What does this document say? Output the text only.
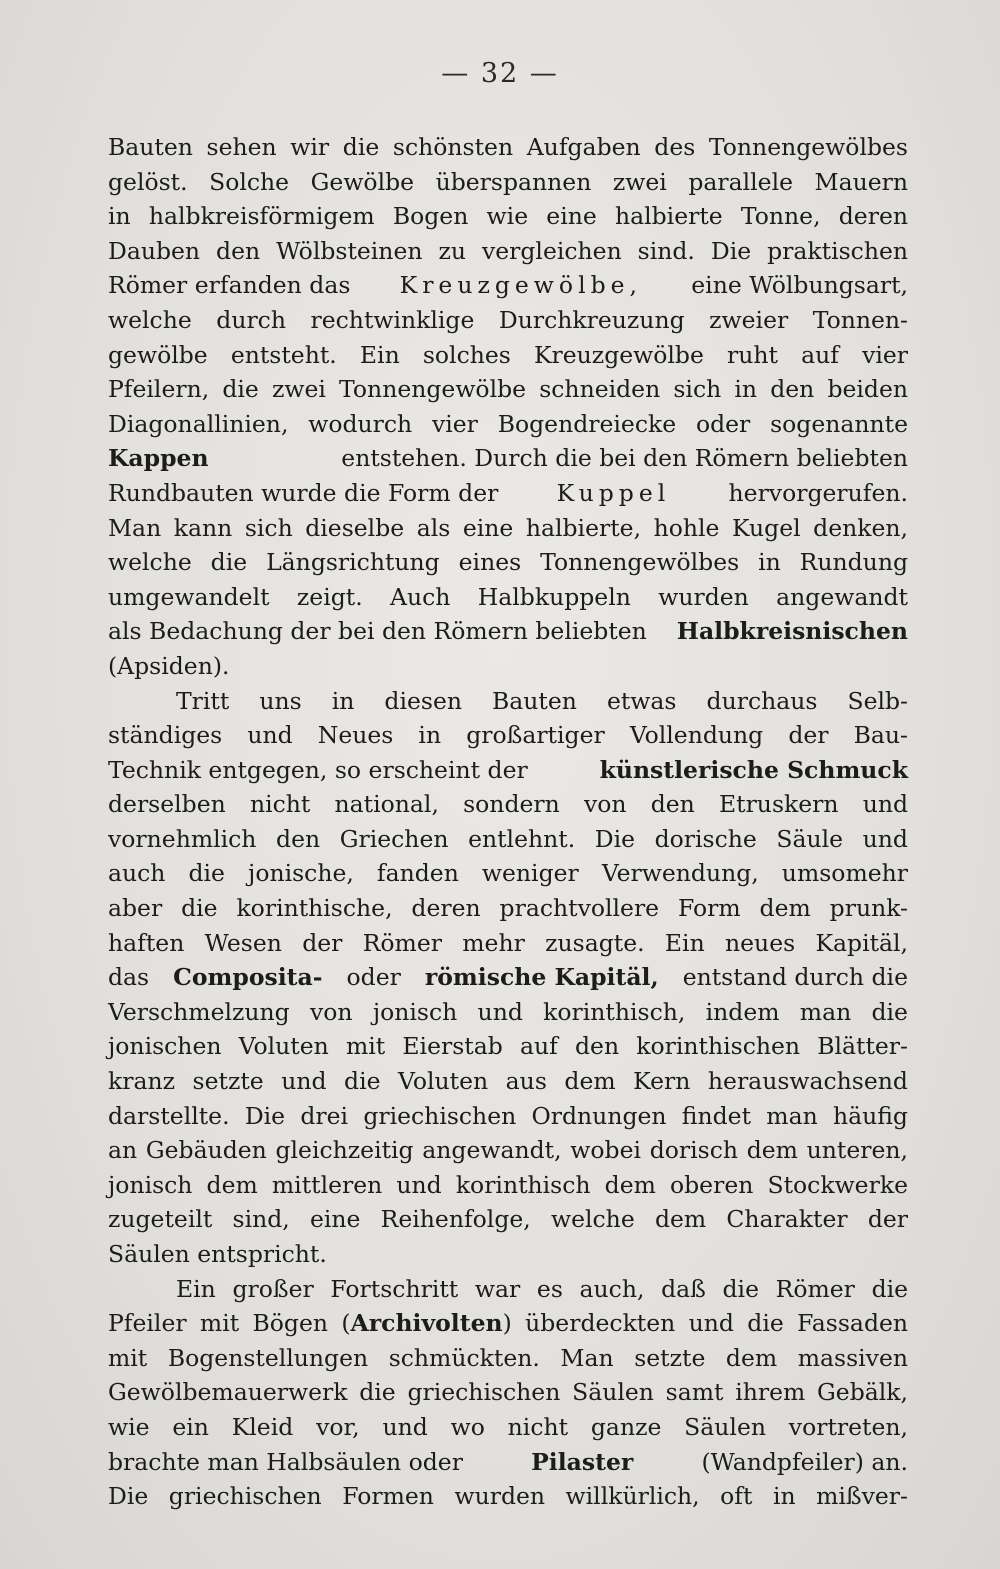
— 32 —
Bauten sehen wir die schönsten Aufgaben des Tonnengewölbes
gelöst. Solche Gewölbe überspannen zwei parallele Mauern
in halbkreisförmigem Bogen wie eine halbierte Tonne, deren
Dauben den Wölbsteinen zu vergleichen sind. Die praktischen
Römer erfanden das Kreuzgewölbe, eine Wölbungsart,
welche durch rechtwinklige Durchkreuzung zweier Tonnen-
gewölbe entsteht. Ein solches Kreuzgewölbe ruht auf vier
Pfeilern, die zwei Tonnengewölbe schneiden sich in den beiden
Diagonallinien, wodurch vier Bogendreiecke oder sogenannte
Kappen	entstehen. Durch die bei den Römern beliebten
Rundbauten wurde die Form der Kuppel hervorgerufen.
Man kann sich dieselbe als eine halbierte, hohle Kugel denken,
welche die Längsrichtung eines Tonnengewölbes in Rundung
umgewandelt zeigt. Auch Halbkuppeln wurden angewandt
als Bedachung der bei den Römern beliebten Halbkreisnischen
(Apsiden).
Tritt uns in diesen Bauten etwas durchaus Selb-
ständiges und Neues in großartiger Vollendung der Bau-
Technik entgegen, so erscheint der	künstlerische Schmuck
derselben nicht national, sondern von den Etruskern und
vornehmlich den Griechen entlehnt. Die dorische Säule und
auch die jonische, fanden weniger Verwendung, umsomehr
aber die korinthische, deren prachtvollere Form dem prunk-
haften Wesen der Römer mehr zusagte. Ein neues Kapitäl,
das Composita- oder römische Kapitäl, entstand durch die
Verschmelzung von jonisch und korinthisch, indem man die
jonischen Voluten mit Eierstab auf den korinthischen Blätter-
kranz setzte und die Voluten aus dem Kern herauswachsend
darstellte. Die drei griechischen Ordnungen findet man häufig
an Gebäuden gleichzeitig angewandt, wobei dorisch dem unteren,
jonisch dem mittleren und korinthisch dem oberen Stockwerke
zugeteilt sind, eine Reihenfolge, welche dem Charakter der
Säulen entspricht.
Ein großer Fortschritt war es auch, daß die Römer die
Pfeiler mit Bögen (Archivolten) überdeckten und die Fassaden
mit Bogenstellungen schmückten. Man setzte dem massiven
Gewölbemauerwerk die griechischen Säulen samt ihrem Gebälk,
wie ein Kleid vor, und wo nicht ganze Säulen vortreten,
brachte man Halbsäulen oder	Pilaster	(Wandpfeiler) an.
Die griechischen Formen wurden willkürlich, oft in mißver-
